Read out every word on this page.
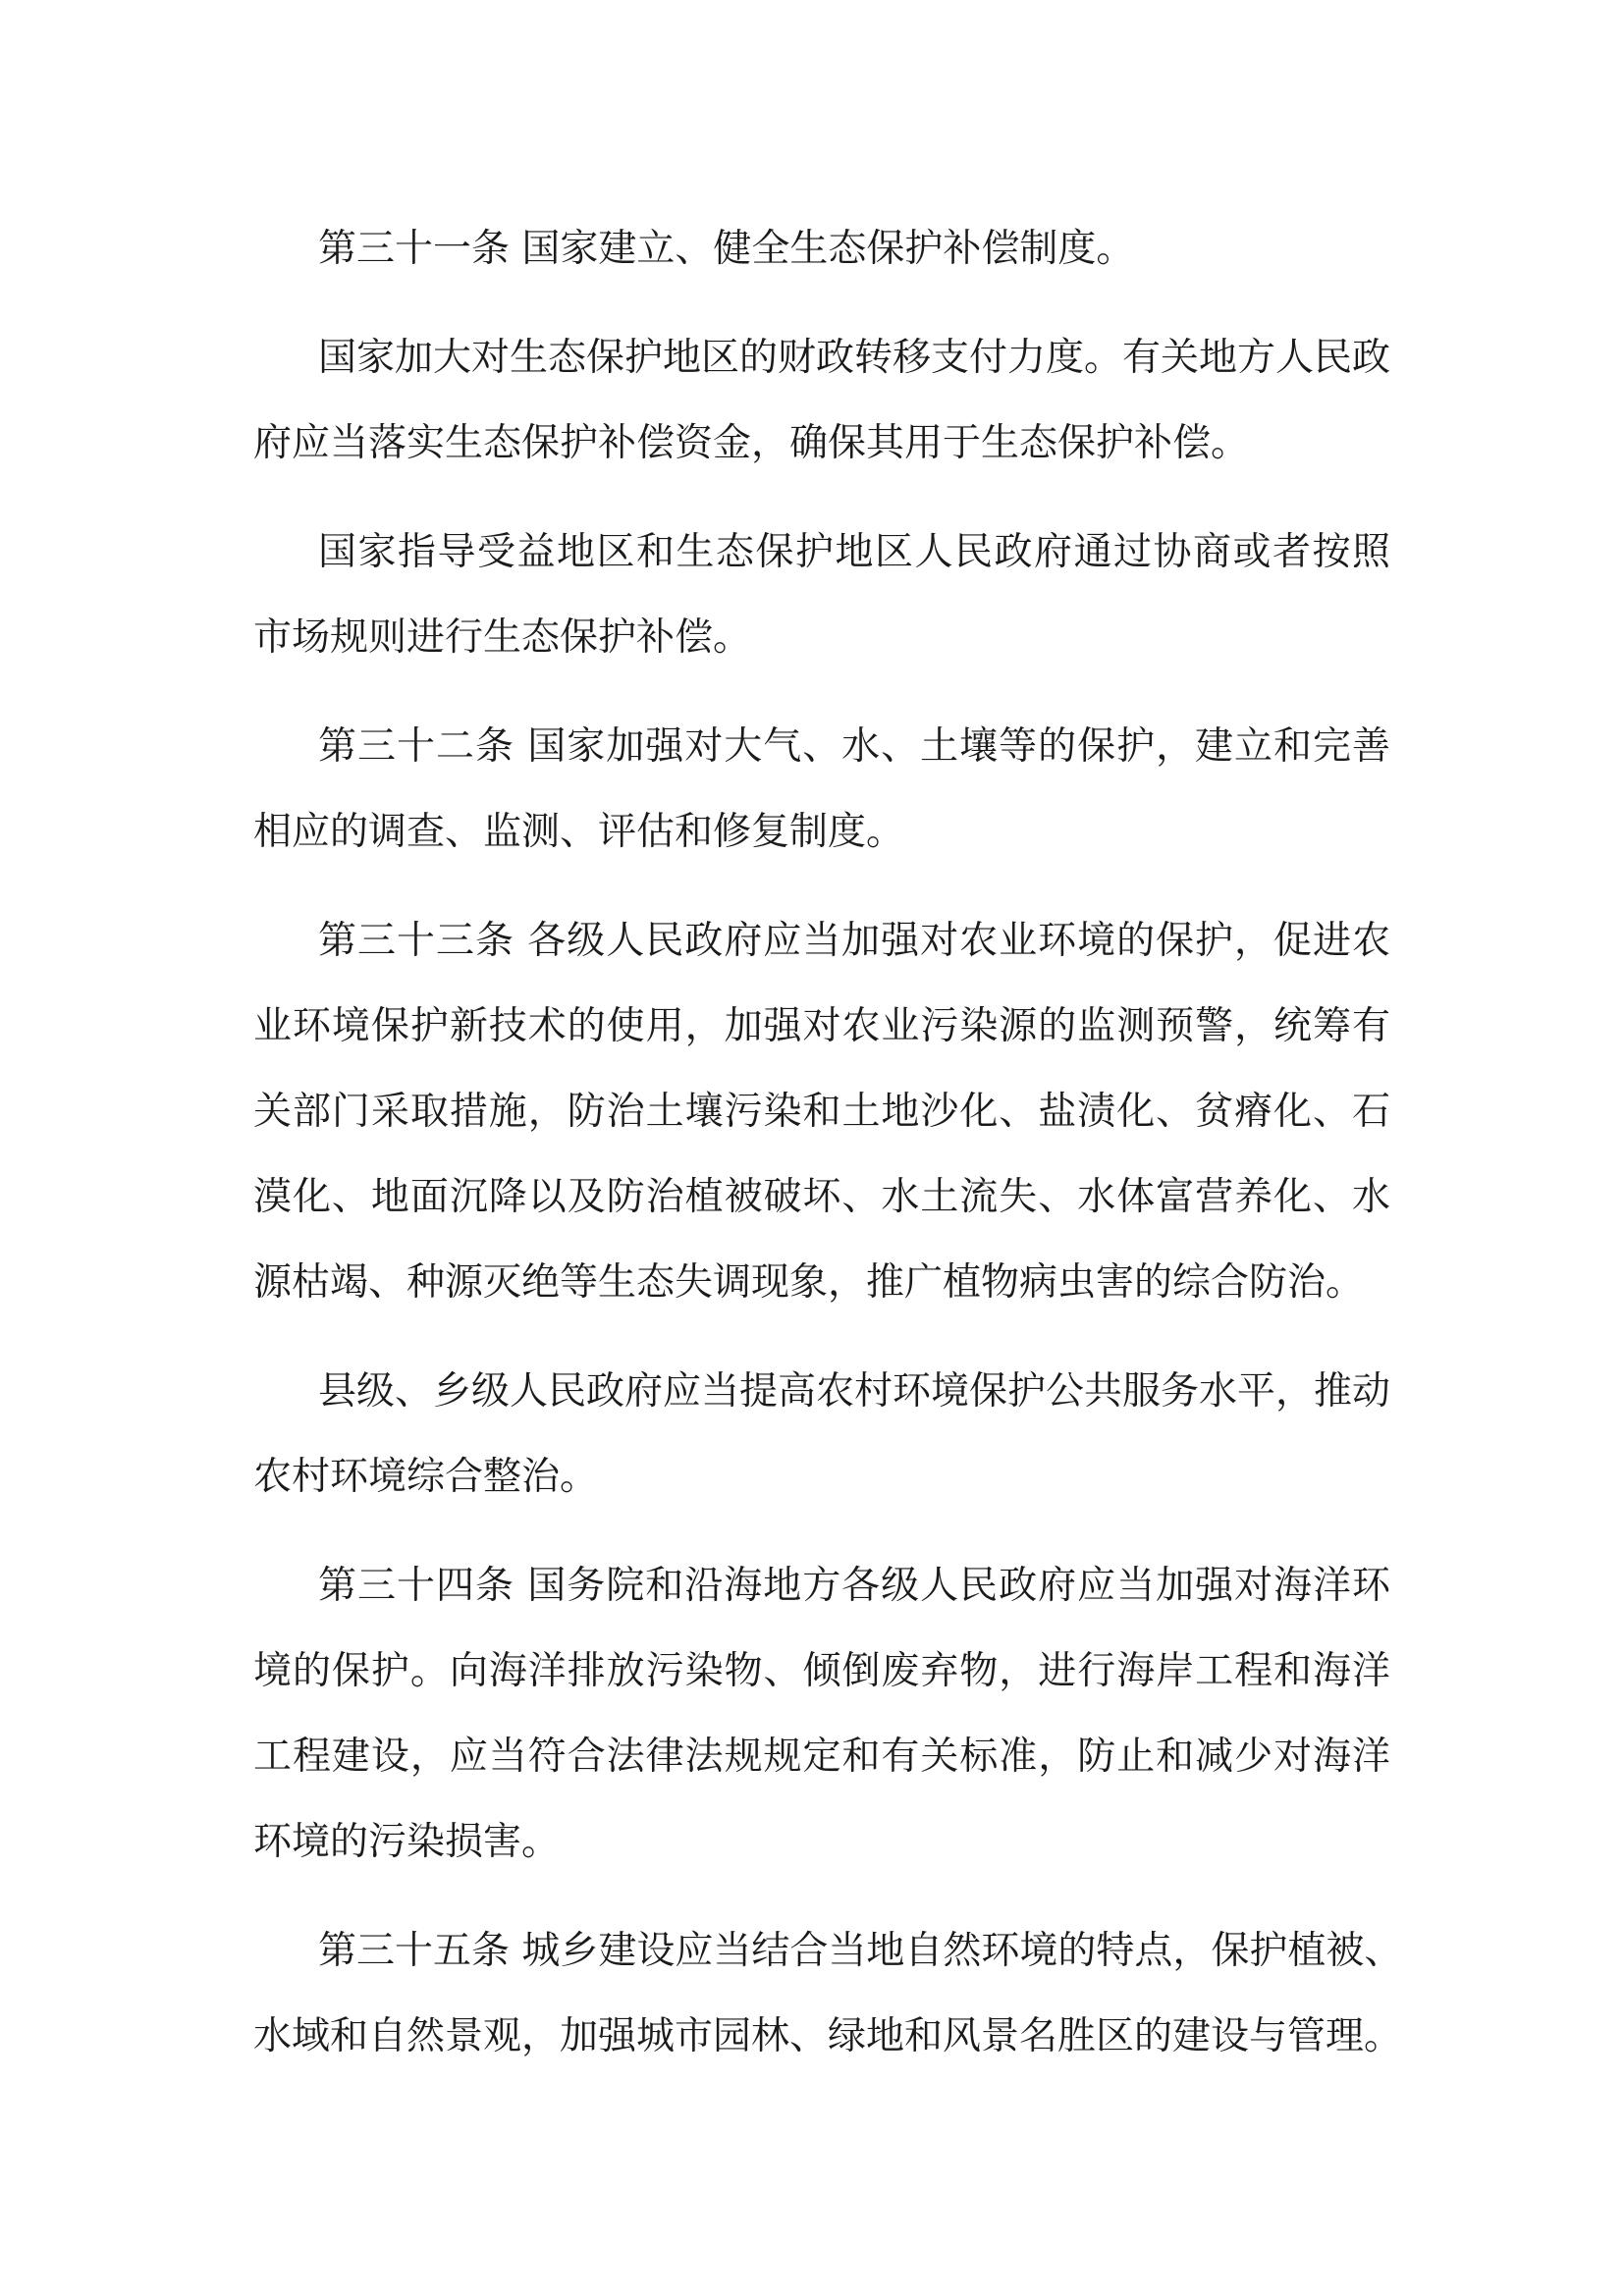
第三十一条 国家建立、健全生态保护补偿制度。

国家加大对生态保护地区的财政转移支付力度。有关地方人民政
府应当落实生态保护补偿资金，确保其用于生态保护补偿。

国家指导受益地区和生态保护地区人民政府通过协商或者按照
市场规则进行生态保护补偿。

第三十二条 国家加强对大气、水、土壤等的保护，建立和完善
相应的调查、监测、评估和修复制度。

第三十三条 各级人民政府应当加强对农业环境的保护，促进农
业环境保护新技术的使用，加强对农业污染源的监测预警，统筹有
关部门采取措施，防治土壤污染和土地沙化、盐渍化、贫瘠化、石
漠化、地面沉降以及防治植被破坏、水土流失、水体富营养化、水
源枯竭、种源灭绝等生态失调现象，推广植物病虫害的综合防治。

县级、乡级人民政府应当提高农村环境保护公共服务水平，推动
农村环境综合整治。

第三十四条 国务院和沿海地方各级人民政府应当加强对海洋环
境的保护。向海洋排放污染物、倾倒废弃物，进行海岸工程和海洋
工程建设，应当符合法律法规规定和有关标准，防止和减少对海洋
环境的污染损害。

第三十五条 城乡建设应当结合当地自然环境的特点，保护植被、
水域和自然景观，加强城市园林、绿地和风景名胜区的建设与管理。
